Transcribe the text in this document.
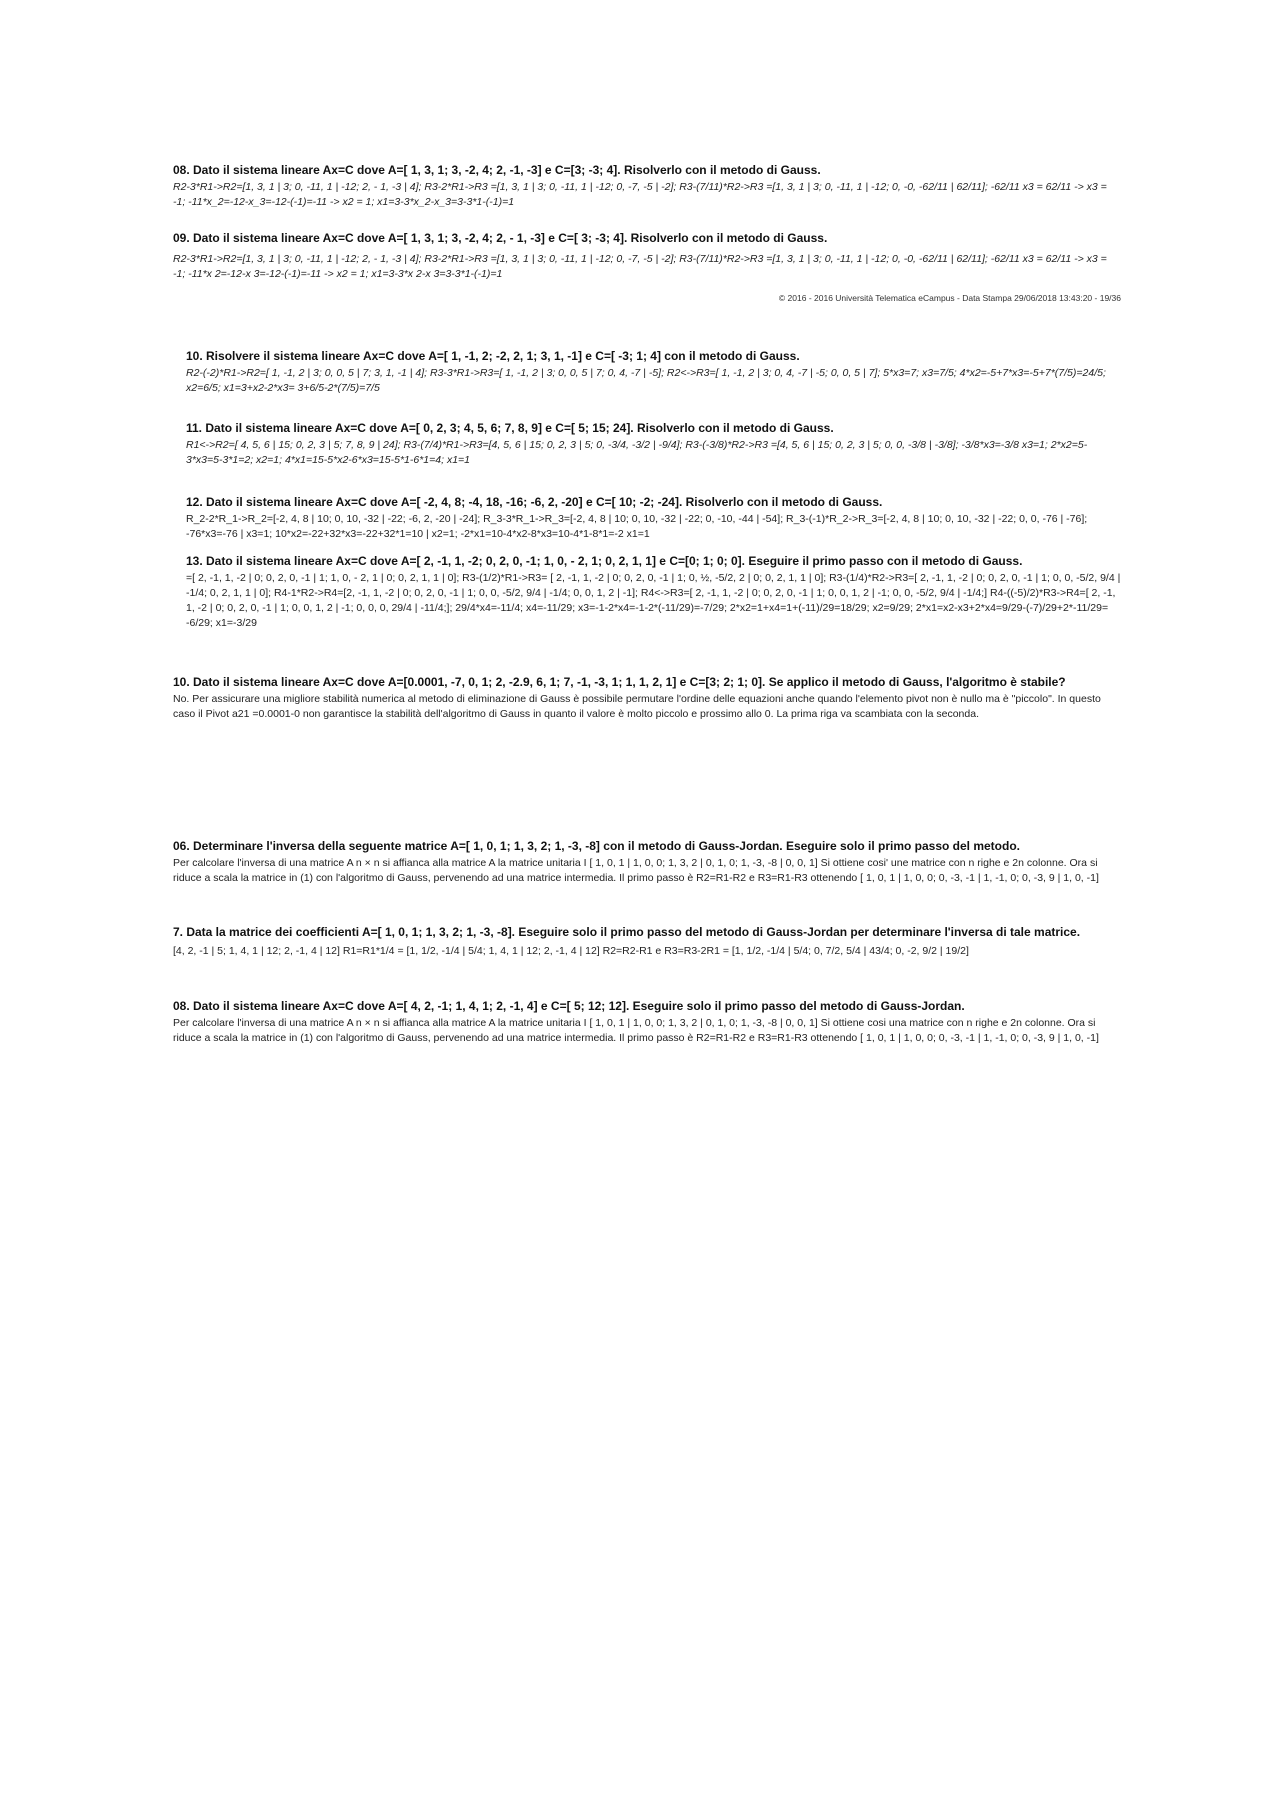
08. Dato il sistema lineare Ax=C dove A=[ 1, 3, 1; 3, -2, 4; 2, -1, -3] e C=[3; -3; 4]. Risolverlo con il metodo di Gauss.

R2-3*R1->R2=[1, 3, 1 | 3; 0, -11, 1 | -12; 2, - 1, -3 | 4]; R3-2*R1->R3 =[1, 3, 1 | 3; 0, -11, 1 | -12; 0, -7, -5 | -2]; R3-(7/11)*R2->R3 =[1, 3, 1 | 3; 0, -11, 1 | -12; 0, -0, -62/11 | 62/11]; -62/11 x3 = 62/11 -> x3 = -1; -11*x_2=-12-x_3=-12-(-1)=-11 -> x2 = 1; x1=3-3*x_2-x_3=3-3*1-(-1)=1

09. Dato il sistema lineare Ax=C dove A=[ 1, 3, 1; 3, -2, 4; 2, - 1, -3] e C=[ 3; -3; 4]. Risolverlo con il metodo di Gauss.

R2-3*R1->R2=[1, 3, 1 | 3; 0, -11, 1 | -12; 2, - 1, -3 | 4]; R3-2*R1->R3 =[1, 3, 1 | 3; 0, -11, 1 | -12; 0, -7, -5 | -2]; R3-(7/11)*R2->R3 =[1, 3, 1 | 3; 0, -11, 1 | -12; 0, -0, -62/11 | 62/11]; -62/11 x3 = 62/11 -> x3 = -1; -11*x 2=-12-x 3=-12-(-1)=-11 -> x2 = 1; x1=3-3*x 2-x 3=3-3*1-(-1)=1

© 2016 - 2016 Università Telematica eCampus - Data Stampa 29/06/2018 13:43:20 - 19/36

10. Risolvere il sistema lineare Ax=C dove A=[ 1, -1, 2; -2, 2, 1; 3, 1, -1] e C=[ -3; 1; 4] con il metodo di Gauss.

R2-(-2)*R1->R2=[ 1, -1, 2 | 3; 0, 0, 5 | 7; 3, 1, -1 | 4]; R3-3*R1->R3=[ 1, -1, 2 | 3; 0, 0, 5 | 7; 0, 4, -7 | -5]; R2<->R3=[ 1, -1, 2 | 3; 0, 4, -7 | -5; 0, 0, 5 | 7]; 5*x3=7; x3=7/5; 4*x2=-5+7*x3=-5+7*(7/5)=24/5; x2=6/5; x1=3+x2-2*x3= 3+6/5-2*(7/5)=7/5

11. Dato il sistema lineare Ax=C dove A=[ 0, 2, 3; 4, 5, 6; 7, 8, 9] e C=[ 5; 15; 24]. Risolverlo con il metodo di Gauss.

R1<->R2=[ 4, 5, 6 | 15; 0, 2, 3 | 5; 7, 8, 9 | 24]; R3-(7/4)*R1->R3=[4, 5, 6 | 15; 0, 2, 3 | 5; 0, -3/4, -3/2 | -9/4]; R3-(-3/8)*R2->R3 =[4, 5, 6 | 15; 0, 2, 3 | 5; 0, 0, -3/8 | -3/8]; -3/8*x3=-3/8 x3=1; 2*x2=5-3*x3=5-3*1=2; x2=1; 4*x1=15-5*x2-6*x3=15-5*1-6*1=4; x1=1

12. Dato il sistema lineare Ax=C dove A=[ -2, 4, 8; -4, 18, -16; -6, 2, -20] e C=[ 10; -2; -24]. Risolverlo con il metodo di Gauss.

R_2-2*R_1->R_2=[-2, 4, 8 | 10; 0, 10, -32 | -22; -6, 2, -20 | -24]; R_3-3*R_1->R_3=[-2, 4, 8 | 10; 0, 10, -32 | -22; 0, -10, -44 | -54]; R_3-(-1)*R_2->R_3=[-2, 4, 8 | 10; 0, 10, -32 | -22; 0, 0, -76 | -76]; -76*x3=-76 | x3=1; 10*x2=-22+32*x3=-22+32*1=10 | x2=1; -2*x1=10-4*x2-8*x3=10-4*1-8*1=-2 x1=1

13. Dato il sistema lineare Ax=C dove A=[ 2, -1, 1, -2; 0, 2, 0, -1; 1, 0, - 2, 1; 0, 2, 1, 1] e C=[0; 1; 0; 0]. Eseguire il primo passo con il metodo di Gauss.

=[ 2, -1, 1, -2 | 0; 0, 2, 0, -1 | 1; 1, 0, - 2, 1 | 0; 0, 2, 1, 1 | 0]; R3-(1/2)*R1->R3= [ 2, -1, 1, -2 | 0; 0, 2, 0, -1 | 1; 0, ½, -5/2, 2 | 0; 0, 2, 1, 1 | 0]; R3-(1/4)*R2->R3=[ 2, -1, 1, -2 | 0; 0, 2, 0, -1 | 1; 0, 0, -5/2, 9/4 | -1/4; 0, 2, 1, 1 | 0]; R4-1*R2->R4=[2, -1, 1, -2 | 0; 0, 2, 0, -1 | 1; 0, 0, -5/2, 9/4 | -1/4; 0, 0, 1, 2 | -1]; R4<->R3=[ 2, -1, 1, -2 | 0; 0, 2, 0, -1 | 1; 0, 0, 1, 2 | -1; 0, 0, -5/2, 9/4 | -1/4;] R4-((-5)/2)*R3->R4=[ 2, -1, 1, -2 | 0; 0, 2, 0, -1 | 1; 0, 0, 1, 2 | -1; 0, 0, 0, 29/4 | -11/4;]; 29/4*x4=-11/4; x4=-11/29; x3=-1-2*x4=-1-2*(-11/29)=-7/29; 2*x2=1+x4=1+(-11)/29=18/29; x2=9/29; 2*x1=x2-x3+2*x4=9/29-(-7)/29+2*-11/29= -6/29; x1=-3/29

10. Dato il sistema lineare Ax=C dove A=[0.0001, -7, 0, 1; 2, -2.9, 6, 1; 7, -1, -3, 1; 1, 1, 2, 1] e C=[3; 2; 1; 0]. Se applico il metodo di Gauss, l'algoritmo è stabile?

No. Per assicurare una migliore stabilità numerica al metodo di eliminazione di Gauss è possibile permutare l'ordine delle equazioni anche quando l'elemento pivot non è nullo ma è "piccolo". In questo caso il Pivot a21 =0.0001-0 non garantisce la stabilità dell'algoritmo di Gauss in quanto il valore è molto piccolo e prossimo allo 0. La prima riga va scambiata con la seconda.

06. Determinare l'inversa della seguente matrice A=[ 1, 0, 1; 1, 3, 2; 1, -3, -8] con il metodo di Gauss-Jordan. Eseguire solo il primo passo del metodo.

Per calcolare l'inversa di una matrice A n × n si affianca alla matrice A la matrice unitaria I [ 1, 0, 1 | 1, 0, 0; 1, 3, 2 | 0, 1, 0; 1, -3, -8 | 0, 0, 1] Si ottiene cosi' une matrice con n righe e 2n colonne. Ora si riduce a scala la matrice in (1) con l'algoritmo di Gauss, pervenendo ad una matrice intermedia. Il primo passo è R2=R1-R2 e R3=R1-R3 ottenendo [ 1, 0, 1 | 1, 0, 0; 0, -3, -1 | 1, -1, 0; 0, -3, 9 | 1, 0, -1]

7. Data la matrice dei coefficienti A=[ 1, 0, 1; 1, 3, 2; 1, -3, -8]. Eseguire solo il primo passo del metodo di Gauss-Jordan per determinare l'inversa di tale matrice.

[4, 2, -1 | 5; 1, 4, 1 | 12; 2, -1, 4 | 12] R1=R1*1/4 = [1, 1/2, -1/4 | 5/4; 1, 4, 1 | 12; 2, -1, 4 | 12] R2=R2-R1 e R3=R3-2R1 = [1, 1/2, -1/4 | 5/4; 0, 7/2, 5/4 | 43/4; 0, -2, 9/2 | 19/2]

08. Dato il sistema lineare Ax=C dove A=[ 4, 2, -1; 1, 4, 1; 2, -1, 4] e C=[ 5; 12; 12]. Eseguire solo il primo passo del metodo di Gauss-Jordan.

Per calcolare l'inversa di una matrice A n × n si affianca alla matrice A la matrice unitaria I [ 1, 0, 1 | 1, 0, 0; 1, 3, 2 | 0, 1, 0; 1, -3, -8 | 0, 0, 1] Si ottiene cosi una matrice con n righe e 2n colonne. Ora si riduce a scala la matrice in (1) con l'algoritmo di Gauss, pervenendo ad una matrice intermedia. Il primo passo è R2=R1-R2 e R3=R1-R3 ottenendo [ 1, 0, 1 | 1, 0, 0; 0, -3, -1 | 1, -1, 0; 0, -3, 9 | 1, 0, -1]
